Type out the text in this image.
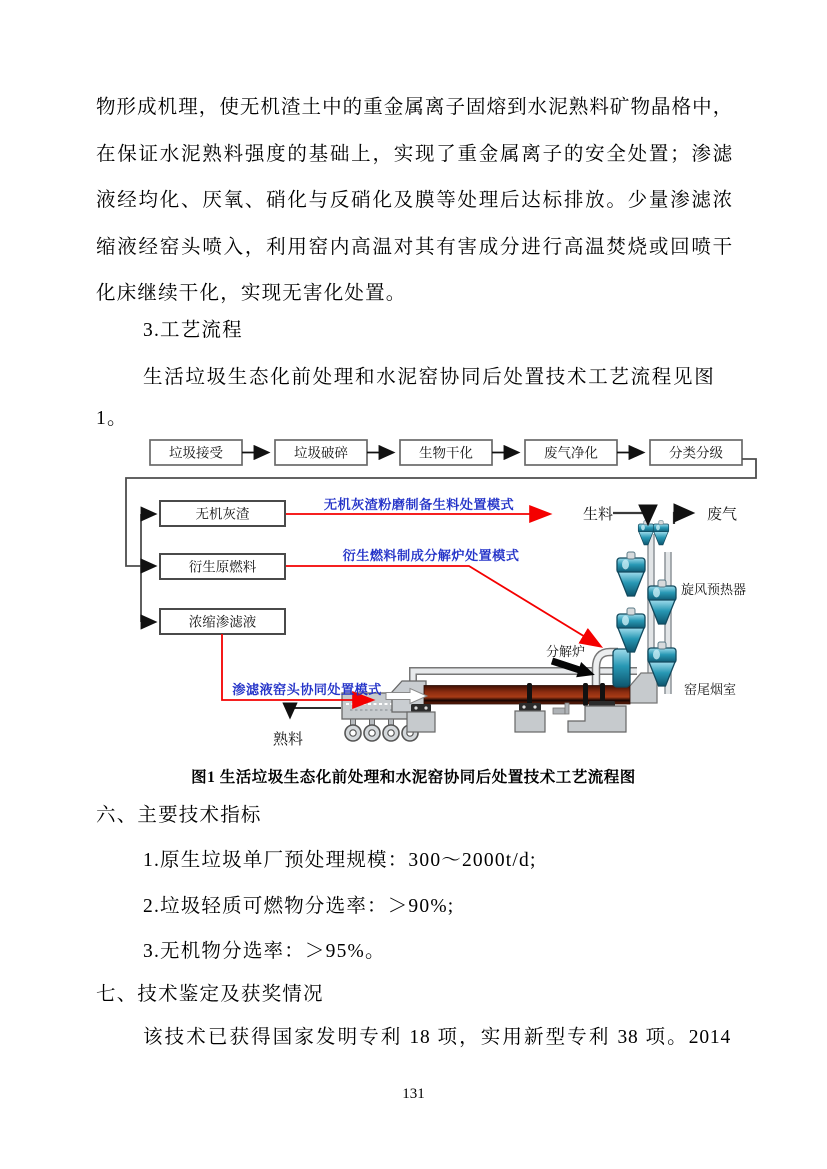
物形成机理，使无机渣土中的重金属离子固熔到水泥熟料矿物晶格中，
在保证水泥熟料强度的基础上，实现了重金属离子的安全处置；渗滤
液经均化、厌氧、硝化与反硝化及膜等处理后达标排放。少量渗滤浓
缩液经窑头喷入，利用窑内高温对其有害成分进行高温焚烧或回喷干
化床继续干化，实现无害化处置。
3.工艺流程
生活垃圾生态化前处理和水泥窑协同后处置技术工艺流程见图
1。
垃圾接受	垃圾破碎	生物干化	废气净化	分类分级
无机灰渣
衍生原燃料
浓缩渗滤液
无机灰渣粉磨制备生料处置模式
衍生燃料制成分解炉处置模式
渗滤液窑头协同处置模式
熟料
生料	废气
旋风预热器
窑尾烟室
分解炉
图1 生活垃圾生态化前处理和水泥窑协同后处置技术工艺流程图
六、主要技术指标
1.原生垃圾单厂预处理规模：300～2000t/d;
2.垃圾轻质可燃物分选率：＞90%;
3.无机物分选率：＞95%。
七、技术鉴定及获奖情况
该技术已获得国家发明专利 18 项，实用新型专利 38 项。2014
131
